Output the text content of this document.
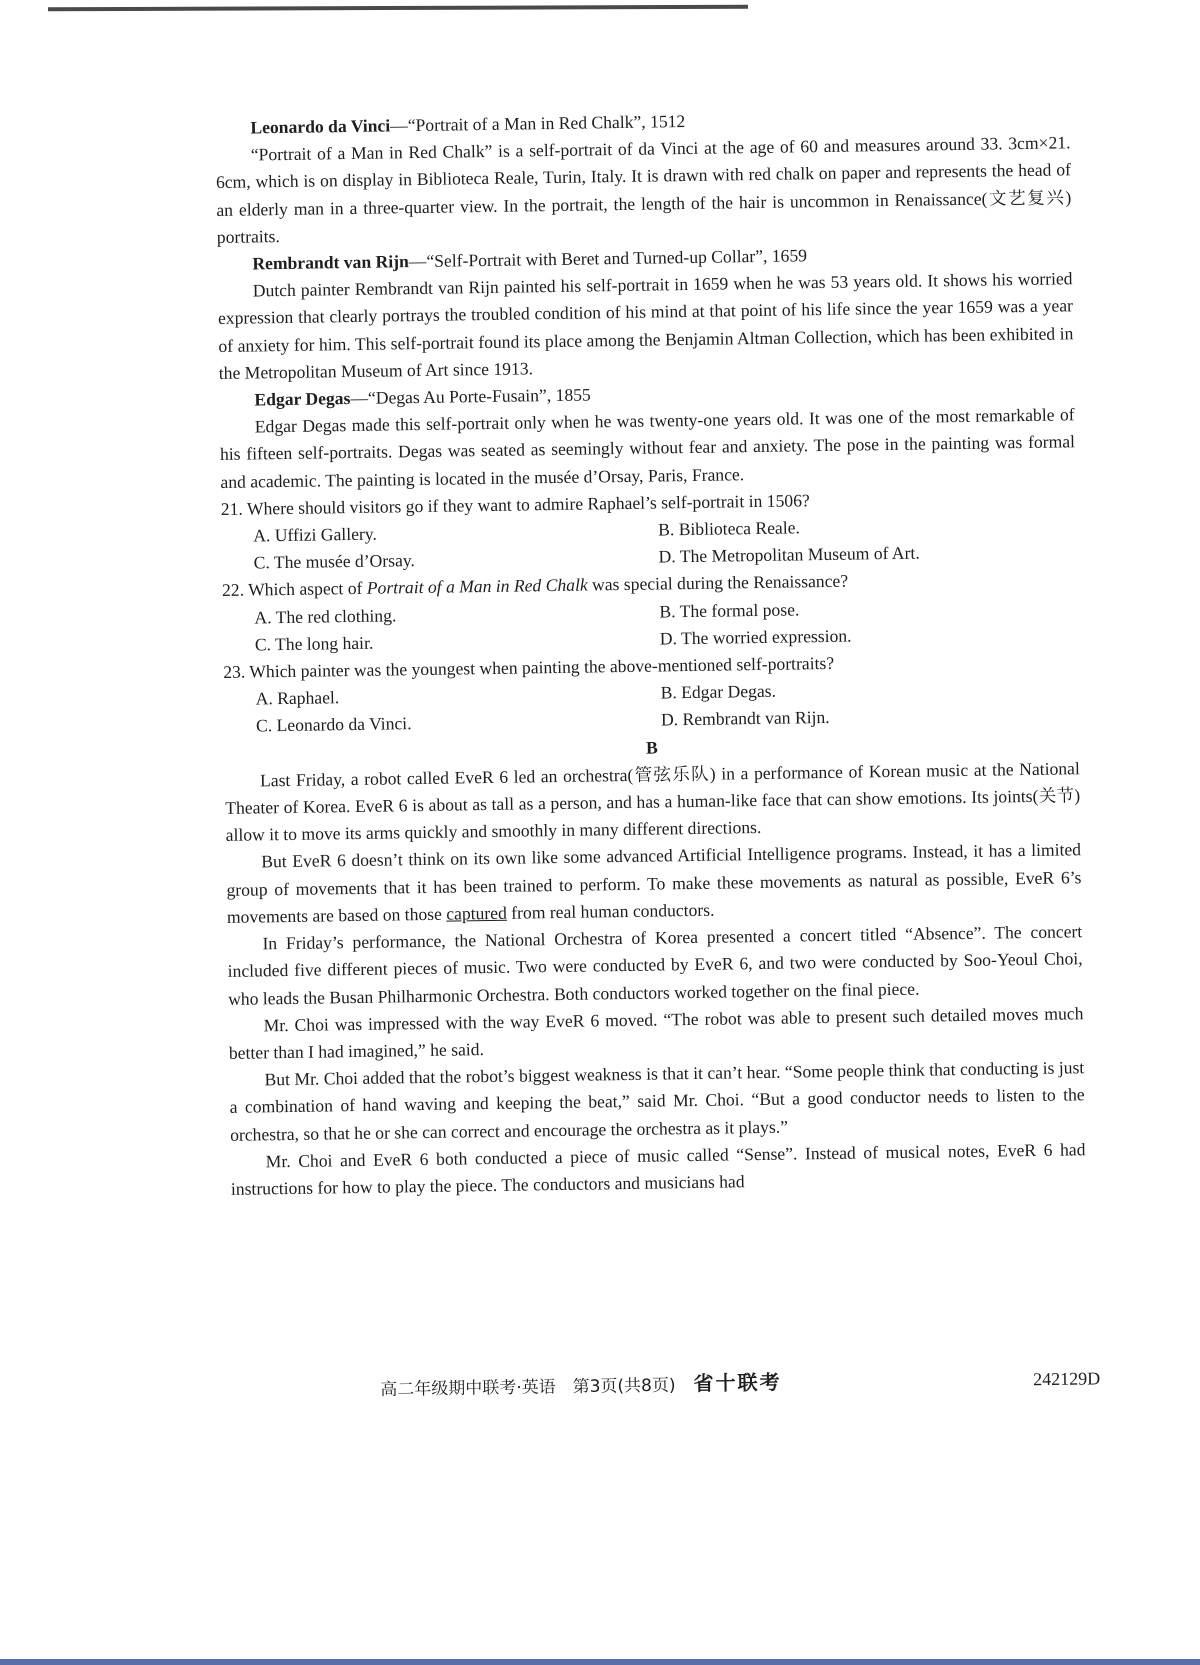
Leonardo da Vinci—“Portrait of a Man in Red Chalk”, 1512

“Portrait of a Man in Red Chalk” is a self-portrait of da Vinci at the age of 60 and measures around 33. 3cm×21. 6cm, which is on display in Biblioteca Reale, Turin, Italy. It is drawn with red chalk on paper and represents the head of an elderly man in a three-quarter view. In the portrait, the length of the hair is uncommon in Renaissance(文艺复兴) portraits.

Rembrandt van Rijn—“Self-Portrait with Beret and Turned-up Collar”, 1659

Dutch painter Rembrandt van Rijn painted his self-portrait in 1659 when he was 53 years old. It shows his worried expression that clearly portrays the troubled condition of his mind at that point of his life since the year 1659 was a year of anxiety for him. This self-portrait found its place among the Benjamin Altman Collection, which has been exhibited in the Metropolitan Museum of Art since 1913.

Edgar Degas—“Degas Au Porte-Fusain”, 1855

Edgar Degas made this self-portrait only when he was twenty-one years old. It was one of the most remarkable of his fifteen self-portraits. Degas was seated as seemingly without fear and anxiety. The pose in the painting was formal and academic. The painting is located in the musée d’Orsay, Paris, France.

21. Where should visitors go if they want to admire Raphael’s self-portrait in 1506?

A. Uffizi Gallery.	B. Biblioteca Reale.
C. The musée d’Orsay.	D. The Metropolitan Museum of Art.

22. Which aspect of Portrait of a Man in Red Chalk was special during the Renaissance?

A. The red clothing.	B. The formal pose.
C. The long hair.	D. The worried expression.

23. Which painter was the youngest when painting the above-mentioned self-portraits?

A. Raphael.	B. Edgar Degas.
C. Leonardo da Vinci.	D. Rembrandt van Rijn.

B

Last Friday, a robot called EveR 6 led an orchestra(管弦乐队) in a performance of Korean music at the National Theater of Korea. EveR 6 is about as tall as a person, and has a human-like face that can show emotions. Its joints(关节) allow it to move its arms quickly and smoothly in many different directions.

But EveR 6 doesn’t think on its own like some advanced Artificial Intelligence programs. Instead, it has a limited group of movements that it has been trained to perform. To make these movements as natural as possible, EveR 6’s movements are based on those captured from real human conductors.

In Friday’s performance, the National Orchestra of Korea presented a concert titled “Absence”. The concert included five different pieces of music. Two were conducted by EveR 6, and two were conducted by Soo-Yeoul Choi, who leads the Busan Philharmonic Orchestra. Both conductors worked together on the final piece.

Mr. Choi was impressed with the way EveR 6 moved. “The robot was able to present such detailed moves much better than I had imagined,” he said.

But Mr. Choi added that the robot’s biggest weakness is that it can’t hear. “Some people think that conducting is just a combination of hand waving and keeping the beat,” said Mr. Choi. “But a good conductor needs to listen to the orchestra, so that he or she can correct and encourage the orchestra as it plays.”

Mr. Choi and EveR 6 both conducted a piece of music called “Sense”. Instead of musical notes, EveR 6 had instructions for how to play the piece. The conductors and musicians had

高二年级期中联考·英语　第3页(共8页) 省十联考	242129D
